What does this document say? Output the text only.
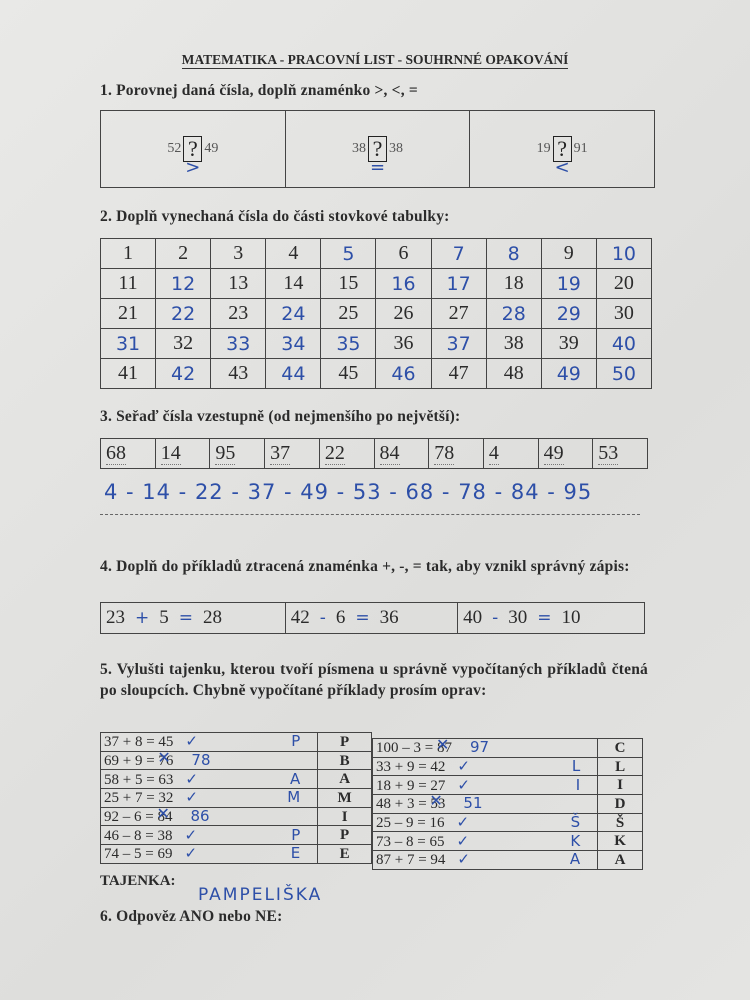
MATEMATIKA - PRACOVNÍ LIST - SOUHRNNÉ OPAKOVÁNÍ
1. Porovnej daná čísla, doplň znaménko >, <, =
52 ? 49
>
	38 ? 38
=
	19 ? 91
<
2. Doplň vynechaná čísla do části stovkové tabulky:
1	2	3	4	5	6	7	8	9	10
11	12	13	14	15	16	17	18	19	20
21	22	23	24	25	26	27	28	29	30
31	32	33	34	35	36	37	38	39	40
41	42	43	44	45	46	47	48	49	50
3. Seřaď čísla vzestupně (od nejmenšího po největší):
68	14	95	37	22	84	78	4	49	53
4 - 14 - 22 - 37 - 49 - 53 - 68 - 78 - 84 - 95
4. Doplň do příkladů ztracená znaménka +, -, = tak, aby vznikl správný zápis:
23 + 5 = 28	42 - 6 = 36	40 - 30 = 10
5. Vylušti tajenku, kterou tvoří písmena u správně vypočítaných příkladů čtená po sloupcích. Chybně vypočítané příklady prosím oprav:
37 + 8 = 45 ✓ P	P
69 + 9 = 76 ✕ 78	B
58 + 5 = 63 ✓ A	A
25 + 7 = 32 ✓ M	M
92 – 6 = 84 ✕ 86	I
46 – 8 = 38 ✓ P	P
74 – 5 = 69 ✓ E	E
100 – 3 = 87 ✕ 97	C
33 + 9 = 42 ✓ L	L
18 + 9 = 27 ✓ I	I
48 + 3 = 53 ✕ 51	D
25 – 9 = 16 ✓ Š	Š
73 – 8 = 65 ✓ K	K
87 + 7 = 94 ✓ A	A
TAJENKA:
PAMPELIŠKA
6. Odpověz ANO nebo NE:
